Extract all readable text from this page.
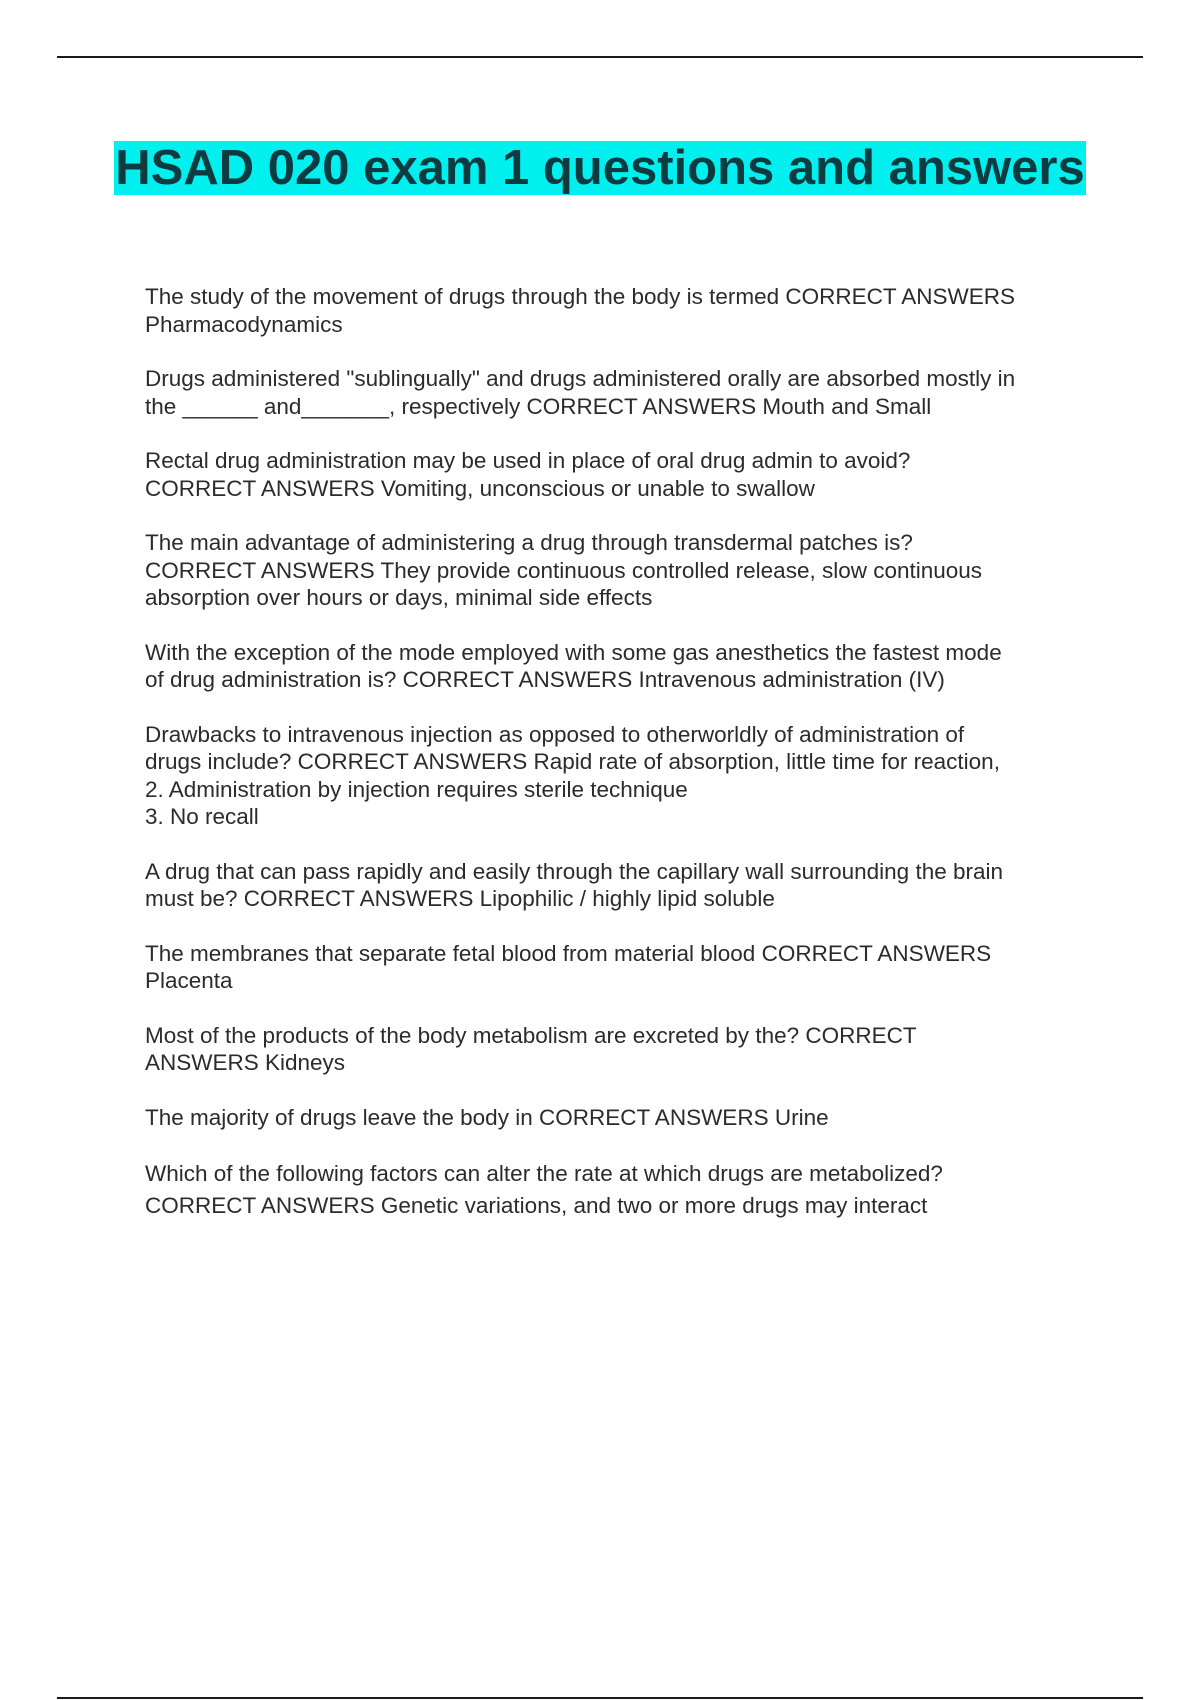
HSAD 020 exam 1 questions and answers

The study of the movement of drugs through the body is termed CORRECT ANSWERS
Pharmacodynamics

Drugs administered "sublingually" and drugs administered orally are absorbed mostly in
the ______ and_______, respectively CORRECT ANSWERS Mouth and Small

Rectal drug administration may be used in place of oral drug admin to avoid?
CORRECT ANSWERS Vomiting, unconscious or unable to swallow

The main advantage of administering a drug through transdermal patches is?
CORRECT ANSWERS They provide continuous controlled release, slow continuous
absorption over hours or days, minimal side effects

With the exception of the mode employed with some gas anesthetics the fastest mode
of drug administration is? CORRECT ANSWERS Intravenous administration (IV)

Drawbacks to intravenous injection as opposed to otherworldly of administration of
drugs include? CORRECT ANSWERS Rapid rate of absorption, little time for reaction,
2. Administration by injection requires sterile technique
3. No recall

A drug that can pass rapidly and easily through the capillary wall surrounding the brain
must be? CORRECT ANSWERS Lipophilic / highly lipid soluble

The membranes that separate fetal blood from material blood CORRECT ANSWERS
Placenta

Most of the products of the body metabolism are excreted by the? CORRECT
ANSWERS Kidneys

The majority of drugs leave the body in CORRECT ANSWERS Urine

Which of the following factors can alter the rate at which drugs are metabolized?
CORRECT ANSWERS Genetic variations, and two or more drugs may interact
